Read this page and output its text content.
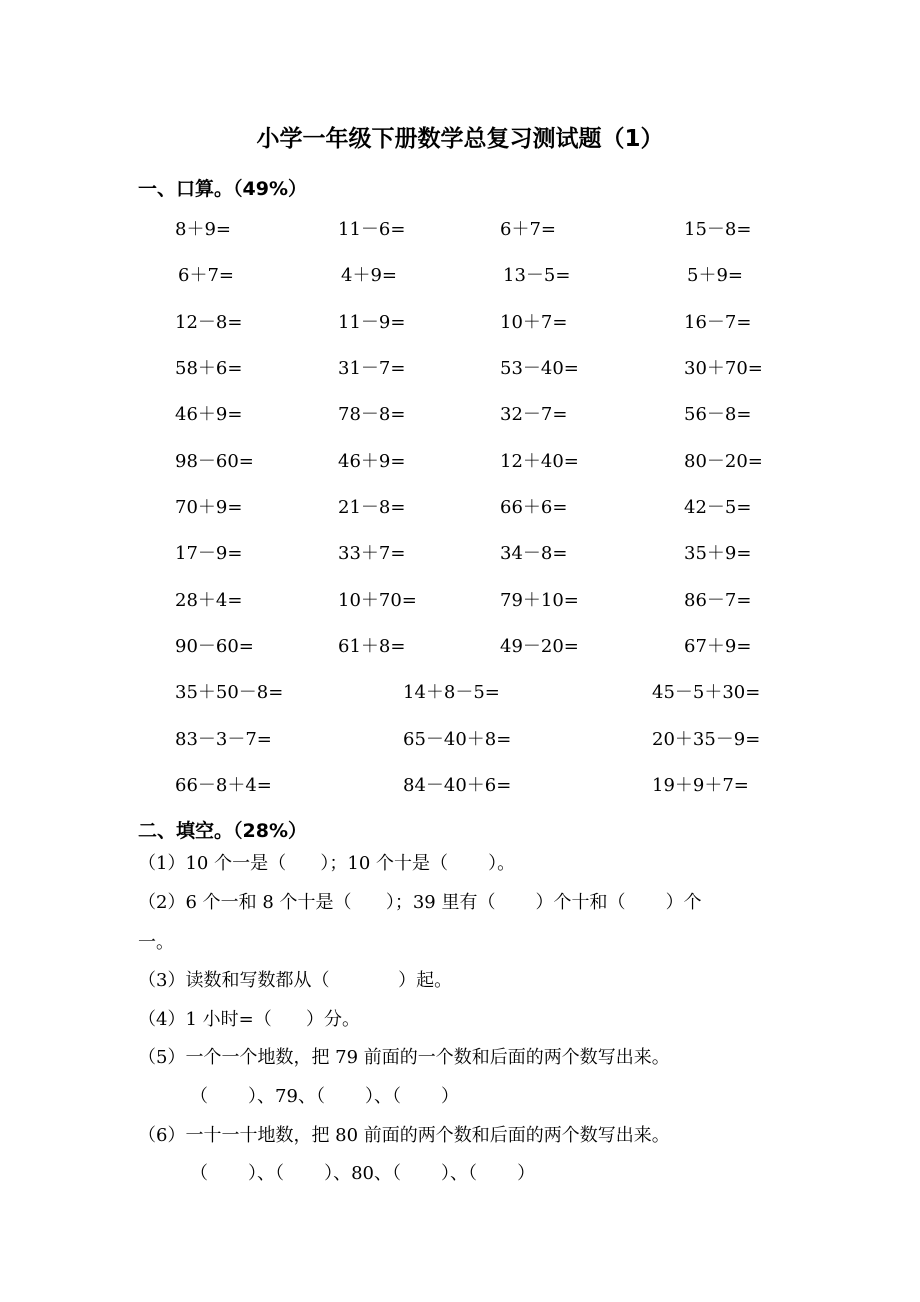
小学一年级下册数学总复习测试题（1）
一、口算。（49%）
8＋9=	11－6=	6＋7=	15－8=
6＋7=	4＋9=	13－5=	5＋9=
12－8=	11－9=	10＋7=	16－7=
58＋6=	31－7=	53－40=	30＋70=
46＋9=	78－8=	32－7=	56－8=
98－60=	46＋9=	12＋40=	80－20=
70＋9=	21－8=	66＋6=	42－5=
17－9=	33＋7=	34－8=	35＋9=
28＋4=	10＋70=	79＋10=	86－7=
90－60=	61＋8=	49－20=	67＋9=
35＋50－8=	14＋8－5=	45－5＋30=
83－3－7=	65－40＋8=	20＋35－9=
66－8＋4=	84－40＋6=	19＋9＋7=
二、填空。（28%）
（1）10 个一是（      ）；10 个十是（       ）。
（2）6 个一和 8 个十是（      ）；39 里有（       ）个十和（       ）个
一。
（3）读数和写数都从（            ）起。
（4）1 小时=（      ）分。
（5）一个一个地数，把 79 前面的一个数和后面的两个数写出来。
（       ）、79、（       ）、（       ）
（6）一十一十地数，把 80 前面的两个数和后面的两个数写出来。
（       ）、（       ）、80、（       ）、（       ）
